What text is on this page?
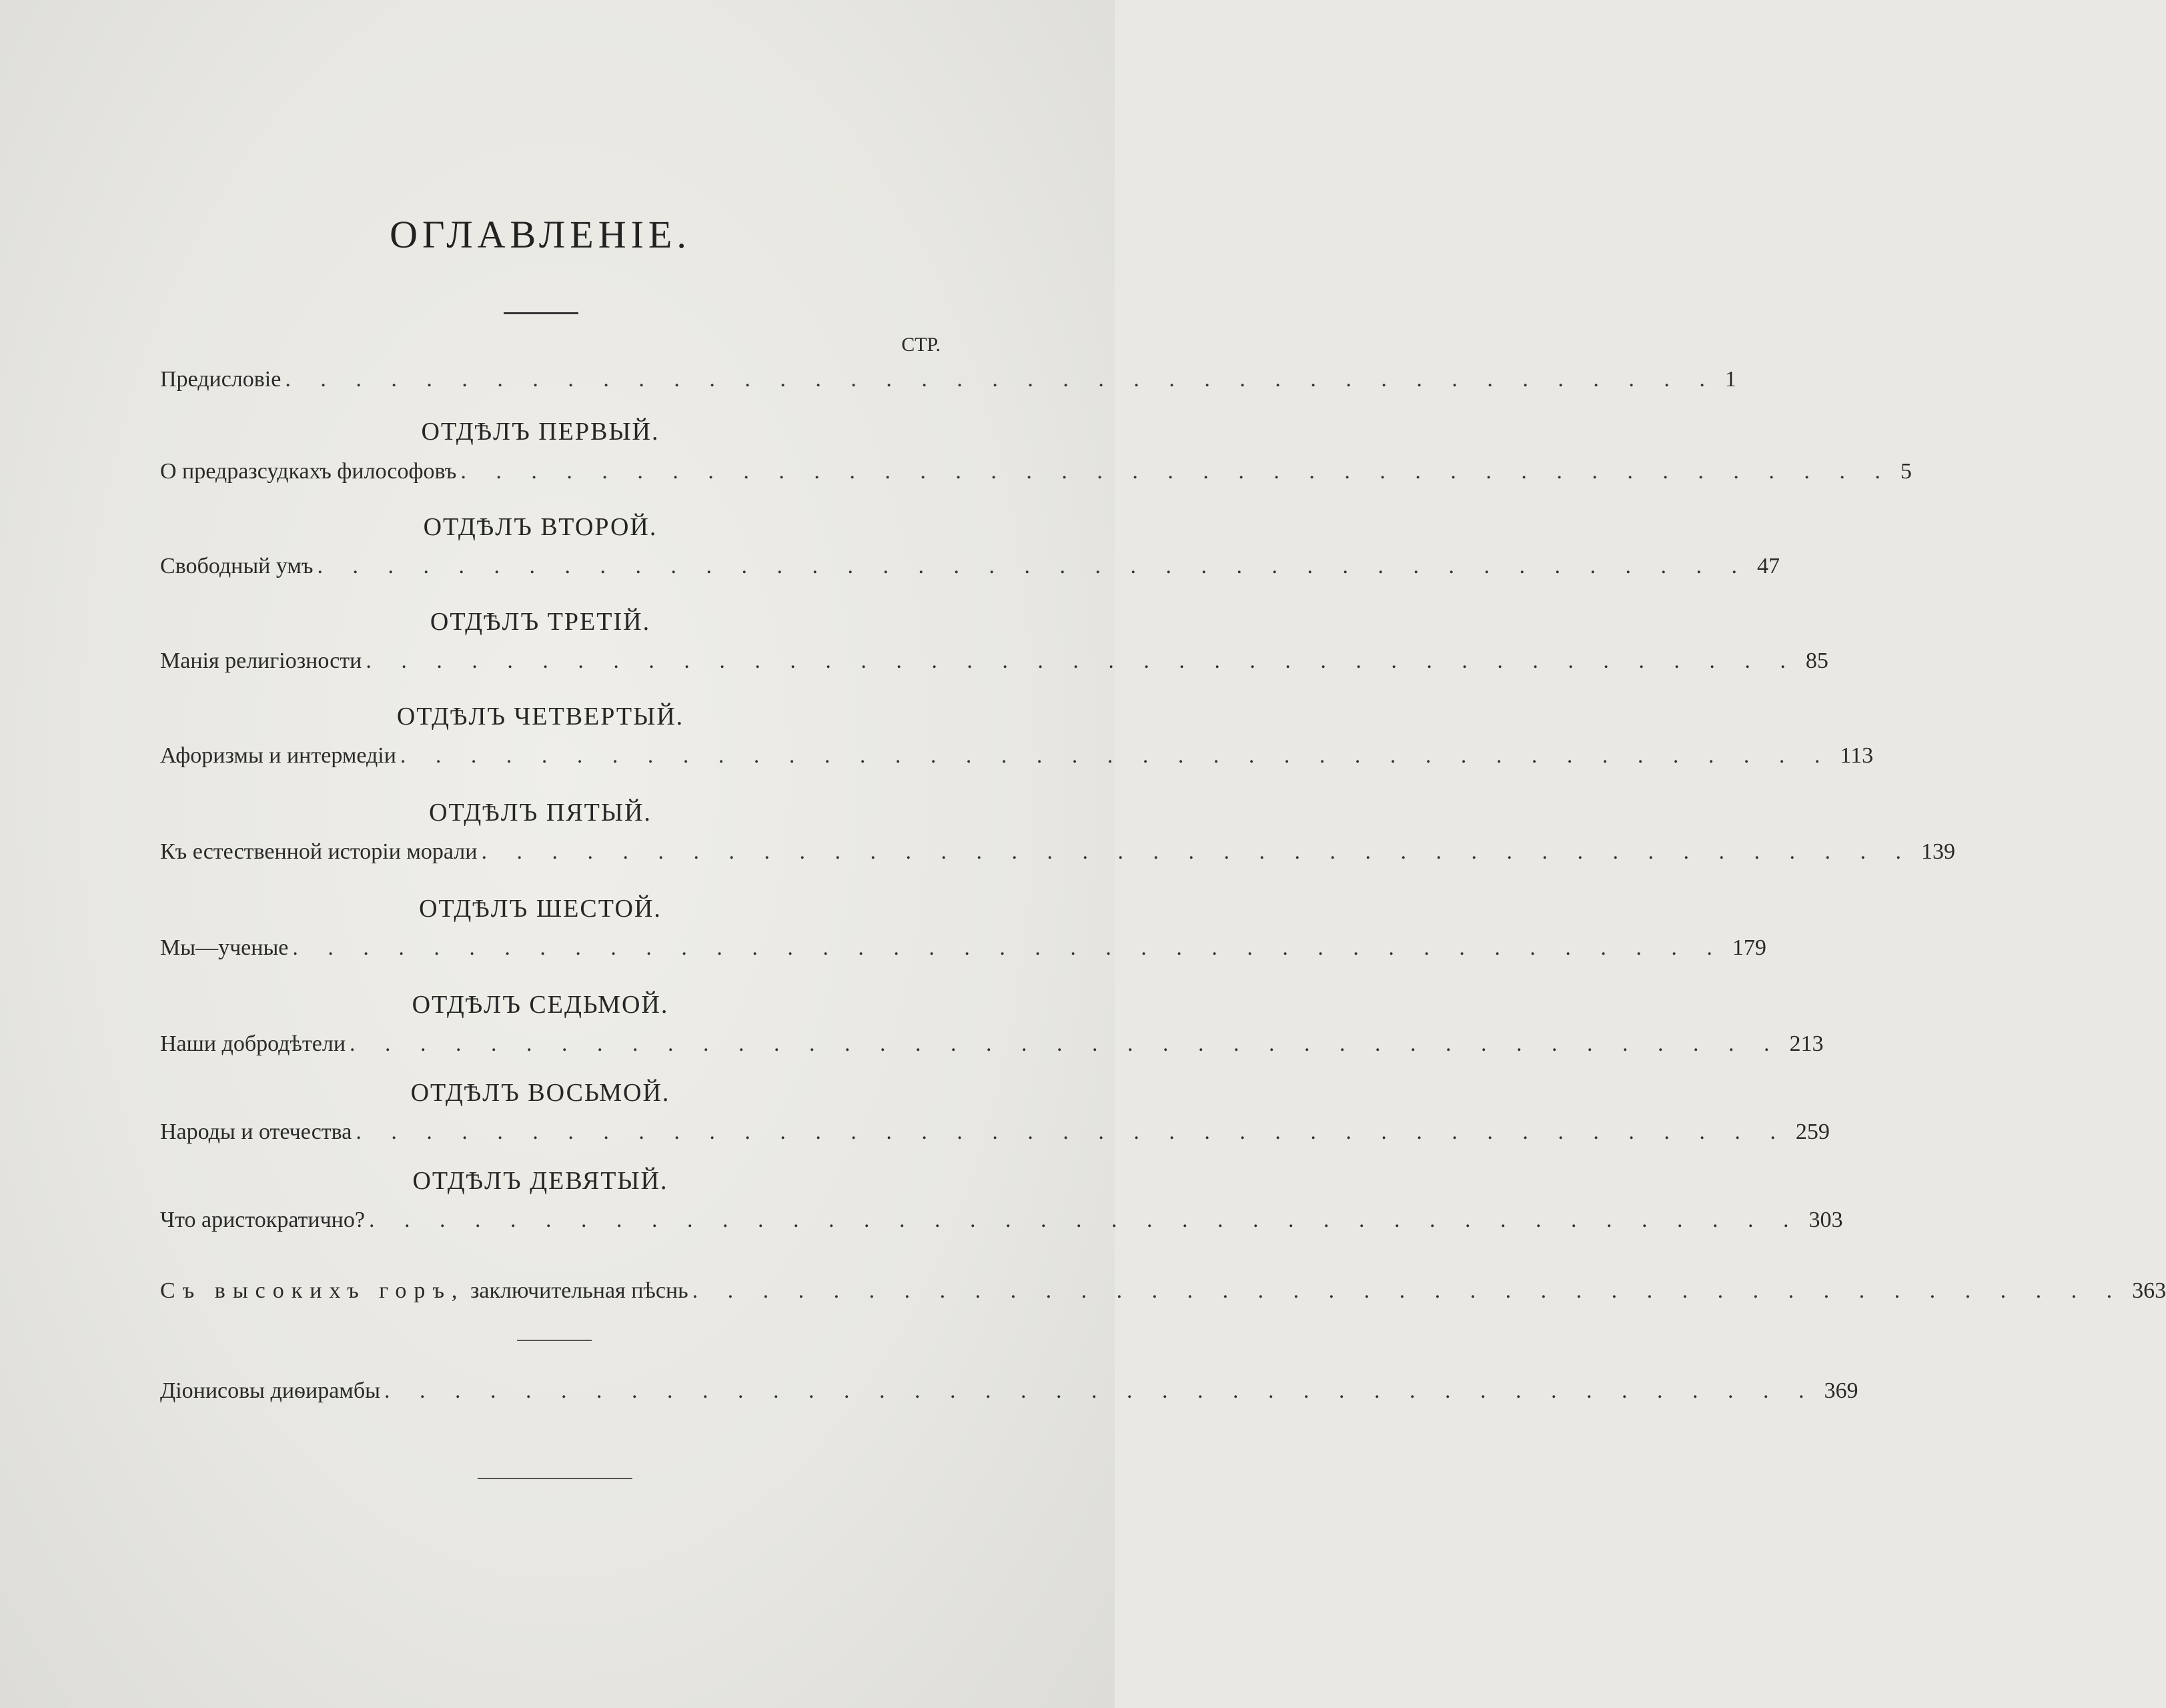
ОГЛАВЛЕНІЕ.
СТР.
Предисловіе . . . . . . . . . . . . . . . . . . . . . . . . . . . . . . . . . . . . . . . . . 1
ОТДѢЛЪ ПЕРВЫЙ.
О предразсудкахъ философовъ . . . . . . . . . . . . . . . . . . . . . . . . . . . . . . . . . . . . . . . . . 5
ОТДѢЛЪ ВТОРОЙ.
Свободный умъ . . . . . . . . . . . . . . . . . . . . . . . . . . . . . . . . . . . . . . . . . 47
ОТДѢЛЪ ТРЕТІЙ.
Манія религіозности . . . . . . . . . . . . . . . . . . . . . . . . . . . . . . . . . . . . . . . . . 85
ОТДѢЛЪ ЧЕТВЕРТЫЙ.
Афоризмы и интермедіи . . . . . . . . . . . . . . . . . . . . . . . . . . . . . . . . . . . . . . . . . 113
ОТДѢЛЪ ПЯТЫЙ.
Къ естественной исторіи морали . . . . . . . . . . . . . . . . . . . . . . . . . . . . . . . . . . . . . . . . . 139
ОТДѢЛЪ ШЕСТОЙ.
Мы—ученые . . . . . . . . . . . . . . . . . . . . . . . . . . . . . . . . . . . . . . . . . 179
ОТДѢЛЪ СЕДЬМОЙ.
Наши добродѣтели . . . . . . . . . . . . . . . . . . . . . . . . . . . . . . . . . . . . . . . . . 213
ОТДѢЛЪ ВОСЬМОЙ.
Народы и отечества . . . . . . . . . . . . . . . . . . . . . . . . . . . . . . . . . . . . . . . . . 259
ОТДѢЛЪ ДЕВЯТЫЙ.
Что аристократично? . . . . . . . . . . . . . . . . . . . . . . . . . . . . . . . . . . . . . . . . . 303
Съ высокихъ горъ, заключительная пѣснь . . . . . . . . . . . . . . . . . . . . . . . . . . . . . . . . . . . . . . . . . 363
Діонисовы диѳирамбы . . . . . . . . . . . . . . . . . . . . . . . . . . . . . . . . . . . . . . . . . 369
